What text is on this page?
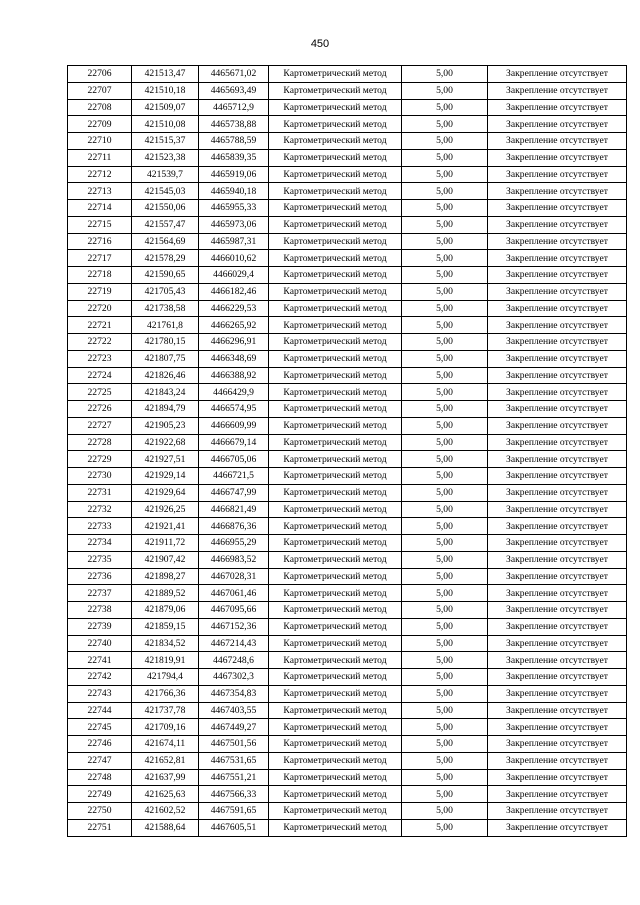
450
22706	421513,47	4465671,02	Картометрический метод	5,00	Закрепление отсутствует
22707	421510,18	4465693,49	Картометрический метод	5,00	Закрепление отсутствует
22708	421509,07	4465712,9	Картометрический метод	5,00	Закрепление отсутствует
22709	421510,08	4465738,88	Картометрический метод	5,00	Закрепление отсутствует
22710	421515,37	4465788,59	Картометрический метод	5,00	Закрепление отсутствует
22711	421523,38	4465839,35	Картометрический метод	5,00	Закрепление отсутствует
22712	421539,7	4465919,06	Картометрический метод	5,00	Закрепление отсутствует
22713	421545,03	4465940,18	Картометрический метод	5,00	Закрепление отсутствует
22714	421550,06	4465955,33	Картометрический метод	5,00	Закрепление отсутствует
22715	421557,47	4465973,06	Картометрический метод	5,00	Закрепление отсутствует
22716	421564,69	4465987,31	Картометрический метод	5,00	Закрепление отсутствует
22717	421578,29	4466010,62	Картометрический метод	5,00	Закрепление отсутствует
22718	421590,65	4466029,4	Картометрический метод	5,00	Закрепление отсутствует
22719	421705,43	4466182,46	Картометрический метод	5,00	Закрепление отсутствует
22720	421738,58	4466229,53	Картометрический метод	5,00	Закрепление отсутствует
22721	421761,8	4466265,92	Картометрический метод	5,00	Закрепление отсутствует
22722	421780,15	4466296,91	Картометрический метод	5,00	Закрепление отсутствует
22723	421807,75	4466348,69	Картометрический метод	5,00	Закрепление отсутствует
22724	421826,46	4466388,92	Картометрический метод	5,00	Закрепление отсутствует
22725	421843,24	4466429,9	Картометрический метод	5,00	Закрепление отсутствует
22726	421894,79	4466574,95	Картометрический метод	5,00	Закрепление отсутствует
22727	421905,23	4466609,99	Картометрический метод	5,00	Закрепление отсутствует
22728	421922,68	4466679,14	Картометрический метод	5,00	Закрепление отсутствует
22729	421927,51	4466705,06	Картометрический метод	5,00	Закрепление отсутствует
22730	421929,14	4466721,5	Картометрический метод	5,00	Закрепление отсутствует
22731	421929,64	4466747,99	Картометрический метод	5,00	Закрепление отсутствует
22732	421926,25	4466821,49	Картометрический метод	5,00	Закрепление отсутствует
22733	421921,41	4466876,36	Картометрический метод	5,00	Закрепление отсутствует
22734	421911,72	4466955,29	Картометрический метод	5,00	Закрепление отсутствует
22735	421907,42	4466983,52	Картометрический метод	5,00	Закрепление отсутствует
22736	421898,27	4467028,31	Картометрический метод	5,00	Закрепление отсутствует
22737	421889,52	4467061,46	Картометрический метод	5,00	Закрепление отсутствует
22738	421879,06	4467095,66	Картометрический метод	5,00	Закрепление отсутствует
22739	421859,15	4467152,36	Картометрический метод	5,00	Закрепление отсутствует
22740	421834,52	4467214,43	Картометрический метод	5,00	Закрепление отсутствует
22741	421819,91	4467248,6	Картометрический метод	5,00	Закрепление отсутствует
22742	421794,4	4467302,3	Картометрический метод	5,00	Закрепление отсутствует
22743	421766,36	4467354,83	Картометрический метод	5,00	Закрепление отсутствует
22744	421737,78	4467403,55	Картометрический метод	5,00	Закрепление отсутствует
22745	421709,16	4467449,27	Картометрический метод	5,00	Закрепление отсутствует
22746	421674,11	4467501,56	Картометрический метод	5,00	Закрепление отсутствует
22747	421652,81	4467531,65	Картометрический метод	5,00	Закрепление отсутствует
22748	421637,99	4467551,21	Картометрический метод	5,00	Закрепление отсутствует
22749	421625,63	4467566,33	Картометрический метод	5,00	Закрепление отсутствует
22750	421602,52	4467591,65	Картометрический метод	5,00	Закрепление отсутствует
22751	421588,64	4467605,51	Картометрический метод	5,00	Закрепление отсутствует
